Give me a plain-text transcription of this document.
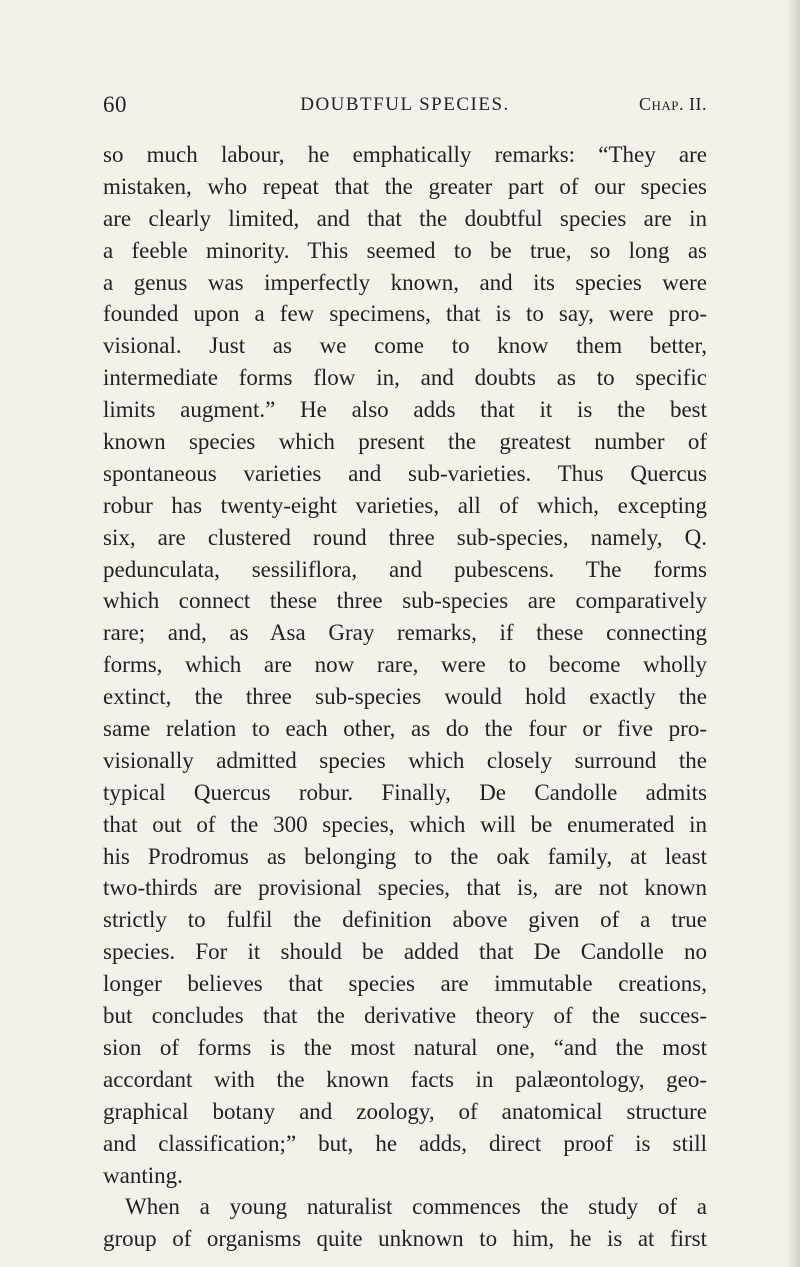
60	DOUBTFUL SPECIES.	Chap. II.
so much labour, he emphatically remarks: “They are
mistaken, who repeat that the greater part of our species
are clearly limited, and that the doubtful species are in
a feeble minority. This seemed to be true, so long as
a genus was imperfectly known, and its species were
founded upon a few specimens, that is to say, were pro-
visional. Just as we come to know them better,
intermediate forms flow in, and doubts as to specific
limits augment.” He also adds that it is the best
known species which present the greatest number of
spontaneous varieties and sub-varieties. Thus Quercus
robur has twenty-eight varieties, all of which, excepting
six, are clustered round three sub-species, namely, Q.
pedunculata, sessiliflora, and pubescens. The forms
which connect these three sub-species are comparatively
rare; and, as Asa Gray remarks, if these connecting
forms, which are now rare, were to become wholly
extinct, the three sub-species would hold exactly the
same relation to each other, as do the four or five pro-
visionally admitted species which closely surround the
typical Quercus robur. Finally, De Candolle admits
that out of the 300 species, which will be enumerated in
his Prodromus as belonging to the oak family, at least
two-thirds are provisional species, that is, are not known
strictly to fulfil the definition above given of a true
species. For it should be added that De Candolle no
longer believes that species are immutable creations,
but concludes that the derivative theory of the succes-
sion of forms is the most natural one, “and the most
accordant with the known facts in palæontology, geo-
graphical botany and zoology, of anatomical structure
and classification;” but, he adds, direct proof is still
wanting.
When a young naturalist commences the study of a
group of organisms quite unknown to him, he is at first
